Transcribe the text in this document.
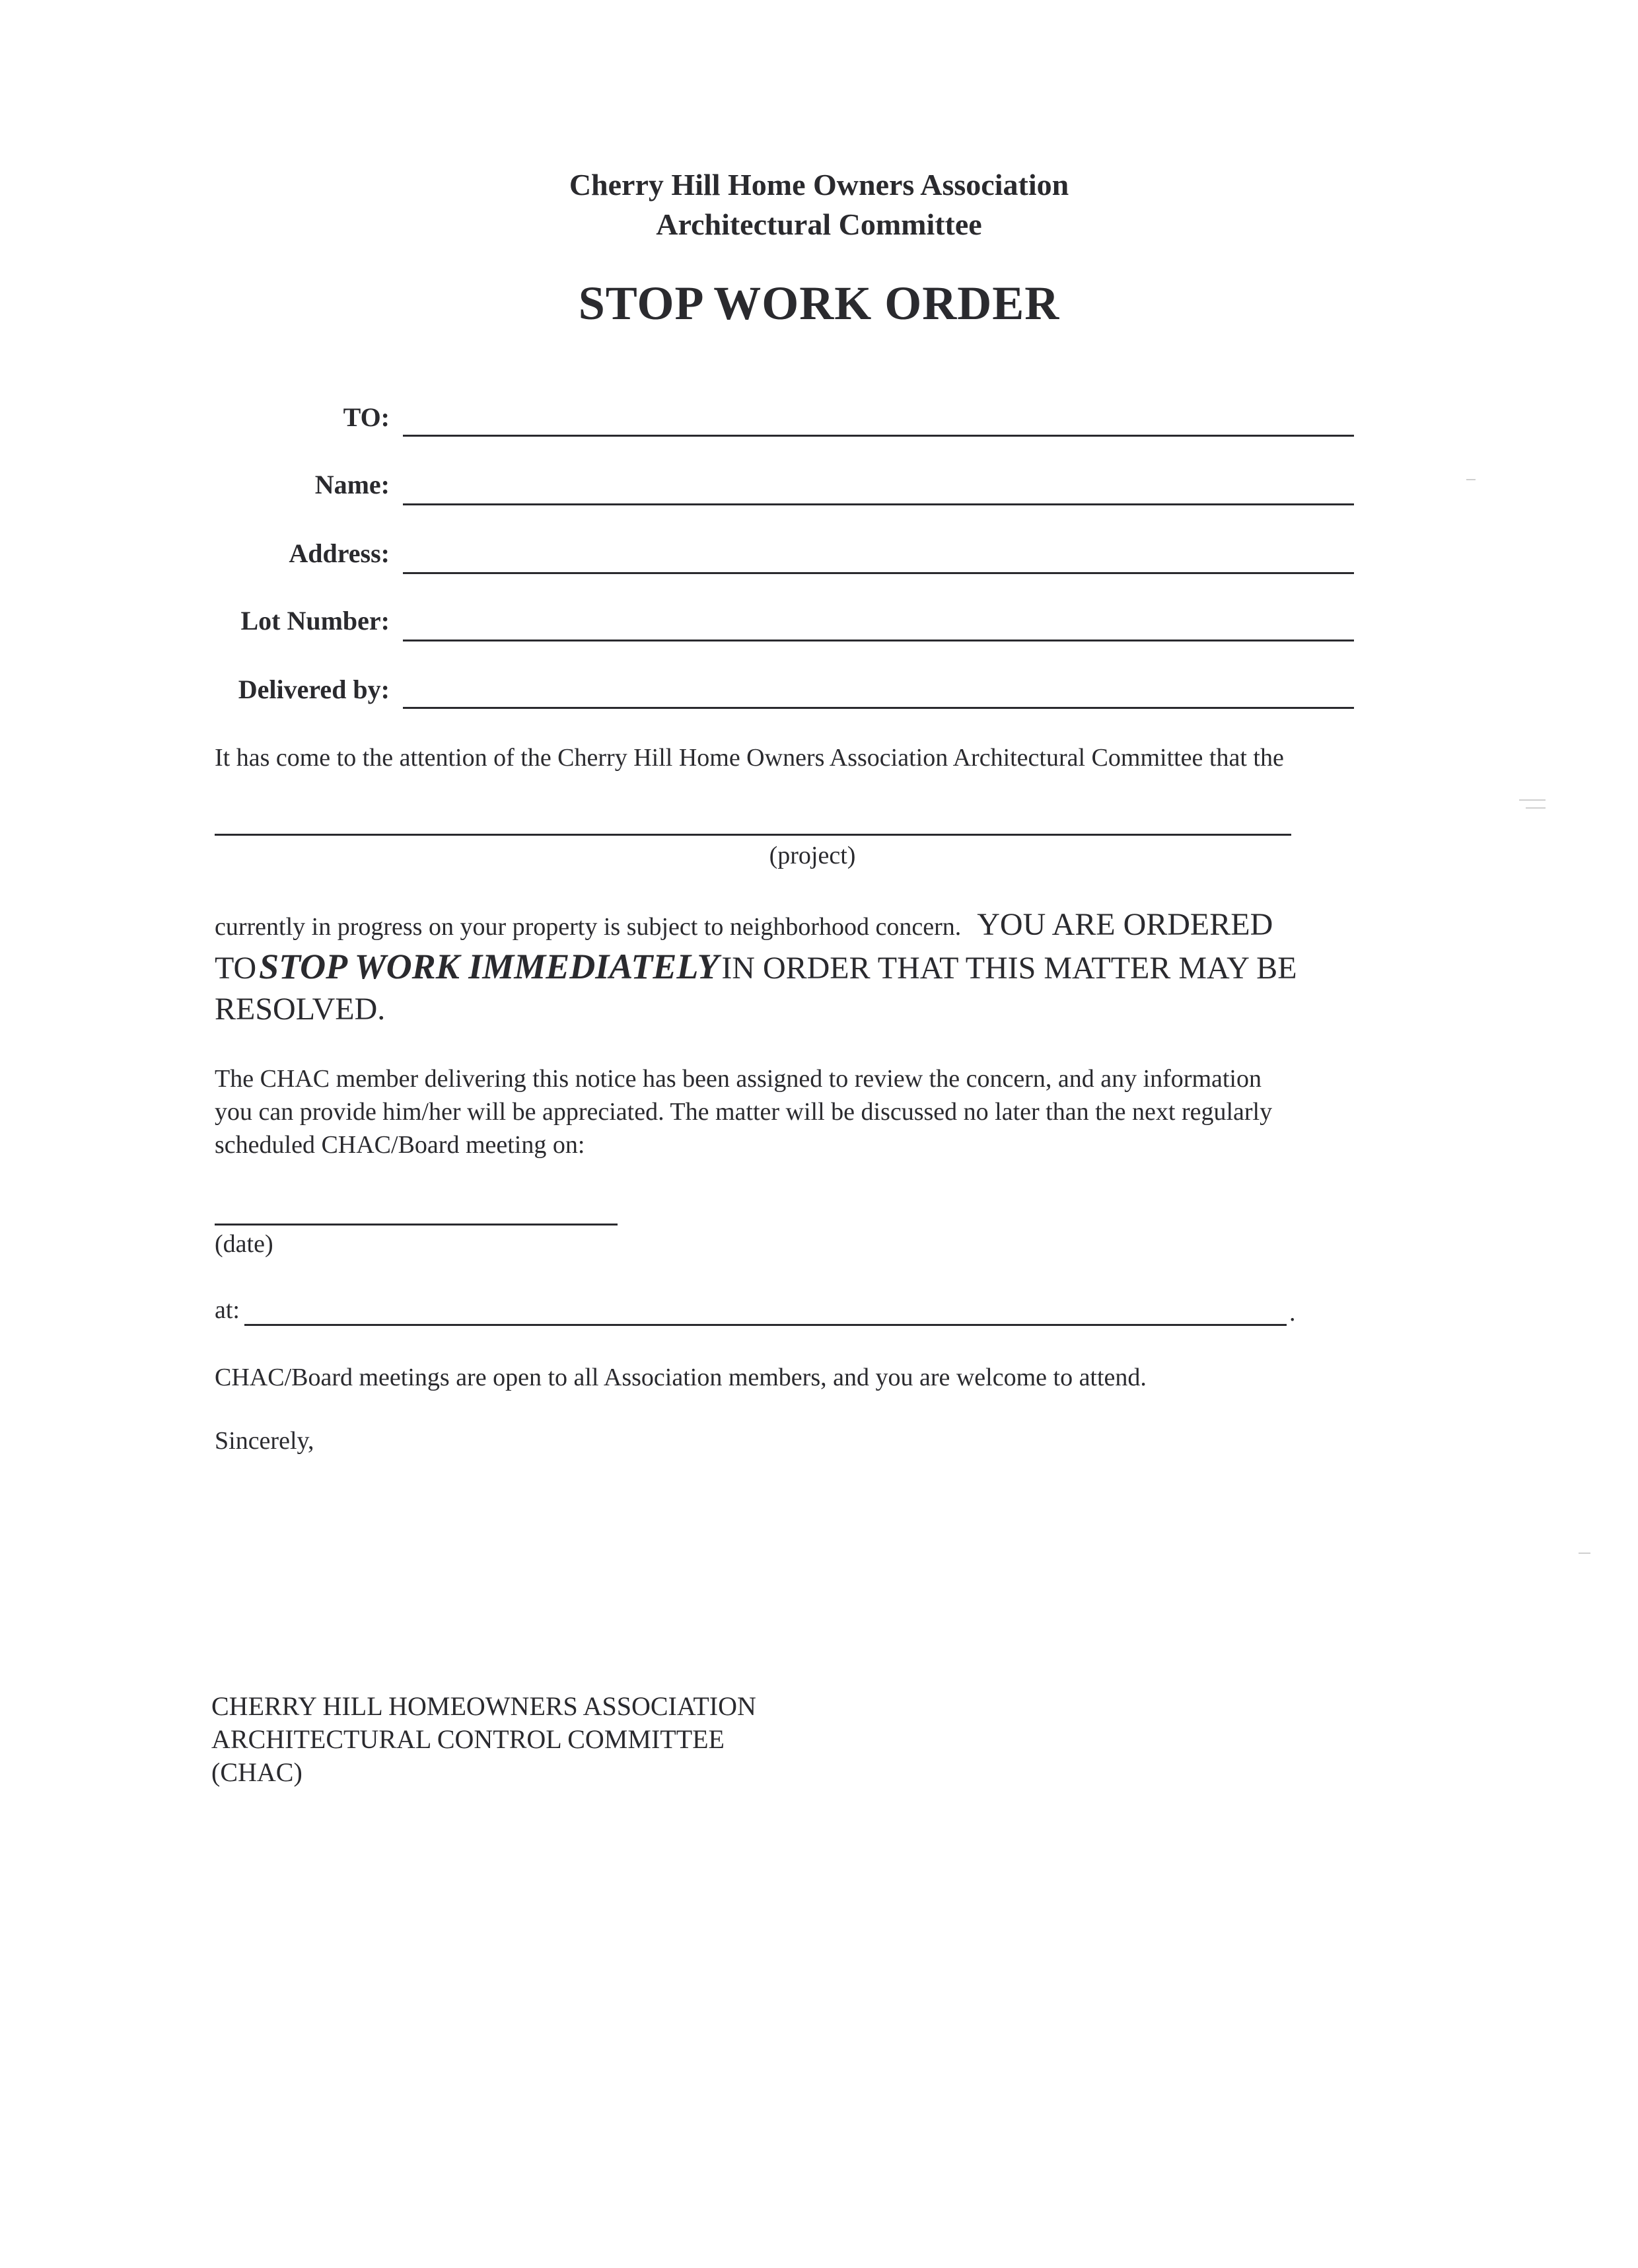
Cherry Hill Home Owners Association
Architectural Committee
STOP WORK ORDER
TO:
Name:
Address:
Lot Number:
Delivered by:
It has come to the attention of the Cherry Hill Home Owners Association Architectural Committee that the
(project)
currently in progress on your property is subject to neighborhood concern. YOU ARE ORDERED
TO STOP WORK IMMEDIATELY IN ORDER THAT THIS MATTER MAY BE
RESOLVED.
The CHAC member delivering this notice has been assigned to review the concern, and any information
you can provide him/her will be appreciated. The matter will be discussed no later than the next regularly
scheduled CHAC/Board meeting on:
(date)
at:	.
CHAC/Board meetings are open to all Association members, and you are welcome to attend.
Sincerely,
CHERRY HILL HOMEOWNERS ASSOCIATION
ARCHITECTURAL CONTROL COMMITTEE
(CHAC)
